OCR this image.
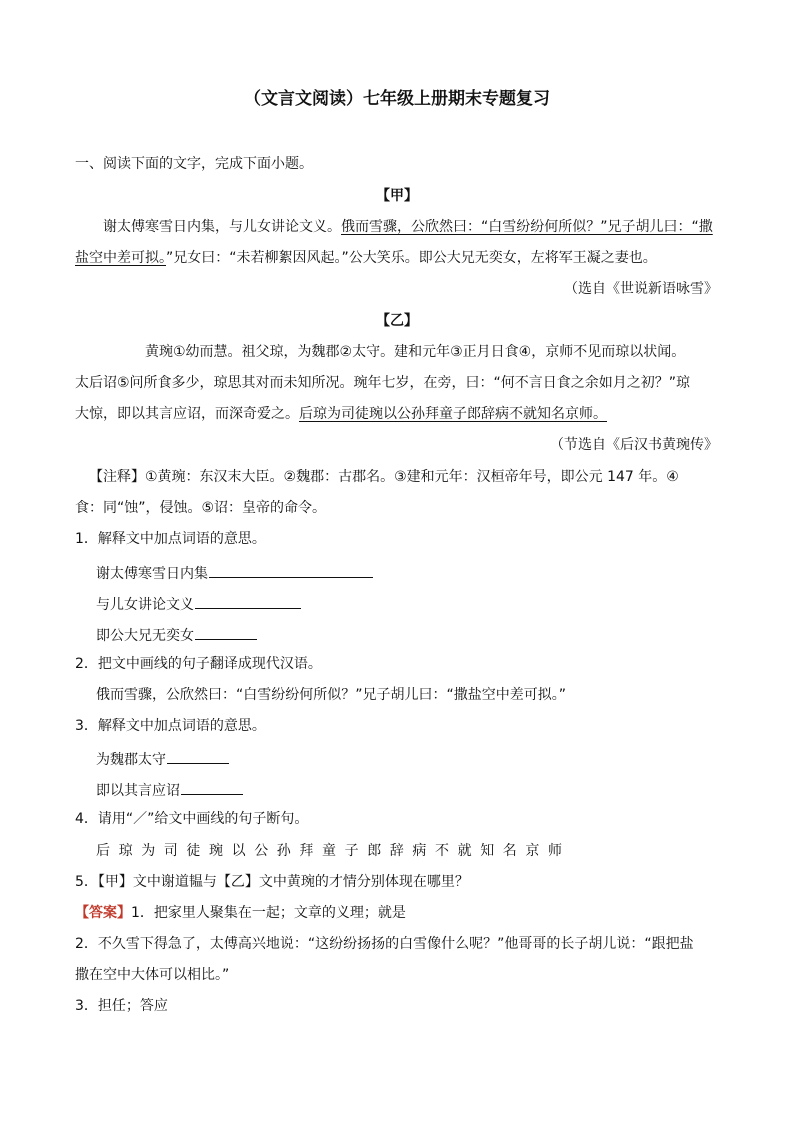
（文言文阅读）七年级上册期末专题复习
一、阅读下面的文字，完成下面小题。
【甲】
谢太傅寒雪日内集，与儿女讲论文义。俄而雪骤，公欣然曰：“白雪纷纷何所似？”兄子胡儿曰：“撒
盐空中差可拟。”兄女曰：“未若柳絮因风起。”公大笑乐。即公大兄无奕女，左将军王凝之妻也。
（选自《世说新语咏雪》
【乙】
黄琬①幼而慧。祖父琼，为魏郡②太守。建和元年③正月日食④，京师不见而琼以状闻。
太后诏⑤问所食多少，琼思其对而未知所况。琬年七岁，在旁，曰：“何不言日食之余如月之初？”琼
大惊，即以其言应诏，而深奇爱之。后琼为司徒琬以公孙拜童子郎辞病不就知名京师。
（节选自《后汉书黄琬传》
【注释】①黄琬：东汉末大臣。②魏郡：古郡名。③建和元年：汉桓帝年号，即公元 147 年。④
食：同“蚀”，侵蚀。⑤诏：皇帝的命令。
1．解释文中加点词语的意思。
谢太傅寒雪日内集
与儿女讲论文义
即公大兄无奕女
2．把文中画线的句子翻译成现代汉语。
俄而雪骤，公欣然曰：“白雪纷纷何所似？”兄子胡儿曰：“撒盐空中差可拟。”
3．解释文中加点词语的意思。
为魏郡太守
即以其言应诏
4．请用“／”给文中画线的句子断句。
后琼为司徒琬以公孙拜童子郎辞病不就知名京师
5．【甲】文中谢道韫与【乙】文中黄琬的才情分别体现在哪里？
【答案】1．把家里人聚集在一起；文章的义理；就是
2．不久雪下得急了，太傅高兴地说：“这纷纷扬扬的白雪像什么呢？”他哥哥的长子胡儿说：“跟把盐
撒在空中大体可以相比。”
3．担任；答应
